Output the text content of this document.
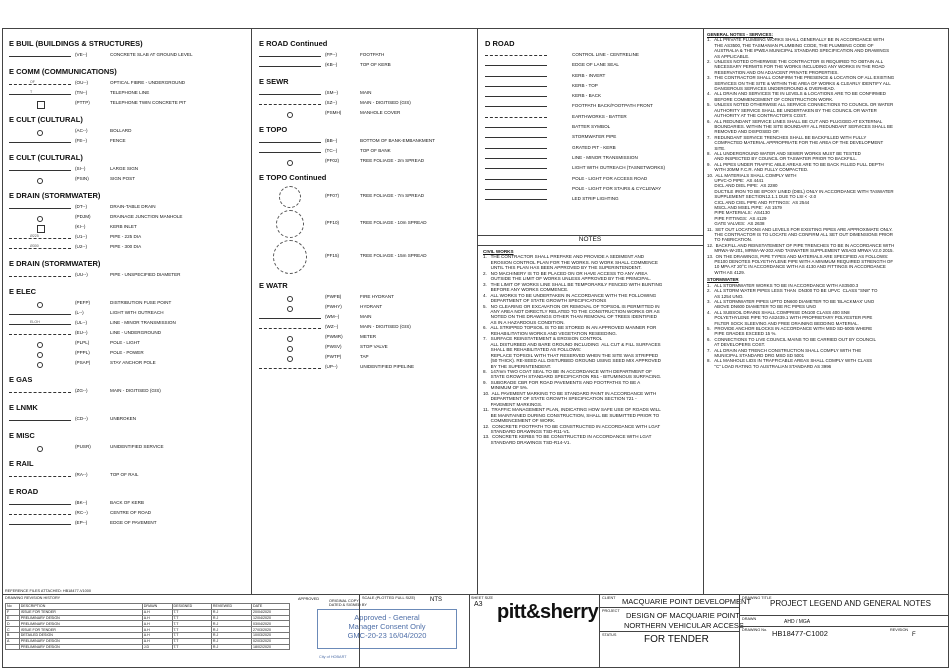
E BUIL (BUILDINGS & STRUCTURES)
(VE--)	CONCRETE SLAB AT GROUND LEVEL
E COMM (COMMUNICATIONS)
OF	(OU--)	OPTICAL FIBRE - UNDERGROUND
T	(TN--)	TELEPHONE LINE
(PTTP)	TELEPHONE TWIN CONCRETE PIT
E CULT (CULTURAL)
(AC--)	BOLLARD
(FE--)	FENCE
E CULT (CULTURAL)
(SI--)	LARGE SIGN
(PSIN)	SIGN POST
E DRAIN (STORMWATER)
(DT--)	DRAIN-TABLE DRAIN
(PDJM)	DRAINAGE JUNCTION MANHOLE
(KI--)	KERB INLET
Ø225	(U1--)	PIPE - 225 DIA
Ø300	(U2--)	PIPE - 300 DIA
E DRAIN (STORMWATER)
(UU--)	PIPE - UNSPECIFIED DIAMETER
E ELEC
(PEFP)	DISTRIBUTION FUSE POINT
(L--)	LIGHT WITH OUTREACH
ELOH	(UL--)	LINE - MINOR TRANSMISSION
(EU--)	LINE - UNDERGROUND
(PLPL)	POLE - LIGHT
(PPPL)	POLE - POWER
(PSAP)	STAY ANCHOR POLE
E GAS
(ZG--)	MAIN - DIGITISED (GIS)
E LNMK
(CD--)	UNBROKEN
E MISC
(PUSR)	UNIDENTIFIED SERVICE
E RAIL
(RA--)	TOP OF RAIL
E ROAD
(BK--)	BACK OF KERB
(RC--)	CENTRE OF ROAD
(EP--)	EDGE OF PAVEMENT
E ROAD Continued
(FP--)	FOOTPATH
(KB--)	TOP OF KERB
E SEWR
(SM--)	MAIN
(SZ--)	MAIN - DIGITISED (GIS)
(PSMH)	MANHOLE COVER
E TOPO
(BB--)	BOTTOM OF BANK-EMBANKMENT
(TC--)	TOP OF BANK
(PF02)	TREE FOLIAGE - 2m SPREAD
E TOPO Continued
(PF07)	TREE FOLIAGE - 7m SPREAD
(PF10)	TREE FOLIAGE - 10m SPREAD
(PF15)	TREE FOLIAGE - 15m SPREAD
E WATR
(PWFB)	FIRE HYDRANT
(PWHY)	HYDRANT
(WM--)	MAIN
(WZ--)	MAIN - DIGITISED (GIS)
(PWMR)	METER
(PWSV)	STOP VALVE
(PWTP)	TAP
(UP--)	UNIDENTIFIED PIPELINE
D ROAD
CONTROL LINE - CENTRELINE
EDGE OF LANE SEAL
KERB - INVERT
KERB - TOP
KERB - BACK
FOOTPATH BACK/FOOTPATH FRONT
EARTHWORKS - BATTER
BATTER SYMBOL
STORMWATER PIPE
GRATED PIT - KERB
LINE - MINOR TRANSMISSION
LIGHT WITH OUTREACH (TASNETWORKS)
POLE - LIGHT FOR ACCESS ROAD
POLE - LIGHT FOR STAIRS & CYCLEWAY
LED STRIP LIGHTING
NOTES
CIVIL WORKS
1.   THE CONTRACTOR SHALL PREPARE AND PROVIDE A SEDIMENT AND
EROSION CONTROL PLAN FOR THE WORKS. NO WORK SHALL COMMENCE
UNTIL THIS PLAN HAS BEEN APPROVED BY THE SUPERINTENDENT.
2.   NO MACHINERY IS TO BE PLACED ON OR HAVE ACCESS TO ANY AREA
OUTSIDE THE LIMIT OF WORKS UNLESS APPROVED BY THE PRINCIPAL.
3.   THE LIMIT OF WORKS LINE SHALL BE TEMPORARILY FENCED WITH BUNTING
BEFORE ANY WORKS COMMENCE.
4.   ALL WORKS TO BE UNDERTAKEN IN ACCORDANCE WITH THE FOLLOWING
DEPARTMENT OF STATE GROWTH SPECIFICATIONS
5.   NO CLEARING OR EXCAVATION OR REMOVAL OF TOPSOIL IS PERMITTED IN
ANY AREA NOT DIRECTLY RELATED TO THE CONSTRUCTION WORKS OR AS
NOTED ON THE DRAWINGS OTHER THAN REMOVAL OF TREES IDENTIFIED
AS IN A HAZARDOUS CONDITION.
6.   ALL STRIPPED TOPSOIL IS TO BE STORED IN AN APPROVED MANNER FOR
REHABILITATION WORKS AND VEGETATION RESEEDING.
7.   SURFACE REINSTATEMENT & EROSION CONTROL
ALL DISTURBED AND BARE GROUND INCLUDING  ALL CUT & FILL SURFACES
SHALL BE REHABILITATED AS FOLLOWS:
REPLACE TOPSOIL WITH THAT RESERVED WHEN THE SITE WAS STRIPPED
(50 THICK). RE-SEED ALL DISTURBED GROUND USING SEED MIX APPROVED
BY THE SUPERINTENDENT.
8.   147mm TWO COAT SEAL TO BE IN ACCORDANCE WITH DEPARTMENT OF
STATE GROWTH STANDARD SPECIFICATION R51 - BITUMINOUS SURFACING.
9.   SUBGRADE CBR FOR ROAD PAVEMENTS AND FOOTPATHS TO BE A
MINIMUM OF 5%.
10.  ALL PAVEMENT MARKING TO BE STANDARD PAINT IN ACCORDANCE WITH
DEPARTMENT OF STATE GROWTH SPECIFICATION SECTION 721 -
PAVEMENT MARKINGS.
11.  TRAFFIC MANAGEMENT PLAN, INDICATING HOW SAFE USE OF ROADS WILL
BE MAINTAINED DURING CONSTRUCTION, SHALL BE SUBMITTED PRIOR TO
COMMENCEMENT OF WORK.
12.  CONCRETE FOOTPATH TO BE CONSTRUCTED IN ACCORDANCE WITH LGAT
STANDARD DRAWINGS TSD-R11-V1.
13.  CONCRETE KERBS TO BE CONSTRUCTED IN ACCORDANCE WITH LGAT
STANDARD DRAWINGS TSD-R14-V1.
GENERAL NOTES - SERVICES:
1.   ALL PRIVATE PLUMBING WORKS SHALL GENERALLY BE IN ACCORDANCE WITH
THE AS3500, THE TASMANIAN PLUMBING CODE, THE PLUMBING CODE OF
AUSTRALIA & THE IPWEA MUNICIPAL STANDARD SPECIFICATION AND DRAWINGS
AS APPLICABLE.
2.   UNLESS NOTED OTHERWISE THE CONTRACTOR IS REQUIRED TO OBTAIN ALL
NECESSARY PERMITS FOR THE WORKS INCLUDING ANY WORKS IN THE ROAD
RESERVATION AND ON ADJACENT PRIVATE PROPERTIES.
3.   THE CONTRACTOR SHALL CONFIRM THE PRESENCE & LOCATION OF ALL EXISTING
SERVICES ON THE SITE & WITHIN THE AREA OF WORKS & CLEARLY IDENTIFY ALL
DANGEROUS SERVICES UNDERGROUND & OVERHEAD.
4.   ALL DRAIN AND SERVICES TIE IN LEVELS & LOCATIONS ARE TO BE CONFIRMED
BEFORE COMMENCEMENT OF CONSTRUCTION WORK.
5.   UNLESS NOTED OTHERWISE ALL SERVICE CONNECTIONS TO COUNCIL OR WATER
AUTHORITY SERVICE SHALL BE UNDERTAKEN BY THE COUNCIL OR WATER
AUTHORITY AT THE CONTRACTOR'S COST.
6.   ALL REDUNDANT SERVICE LINES SHALL BE CUT AND PLUGGED AT EXTERNAL
BOUNDARIES. WITHIN THE SITE BOUNDARY ALL REDUNDANT SERVICES SHALL BE
REMOVED AND DISPOSED OF.
7.   REDUNDANT SERVICE TRENCHES SHALL BE BACKFILLED WITH FULLY
COMPACTED MATERIAL APPROPRIATE FOR THE AREA OF THE DEVELOPMENT
SITE.
8.   ALL UNDERGROUND WATER AND SEWER WORKS MUST BE TESTED
AND INSPECTED BY COUNCIL OR TASWATER PRIOR TO BACKFILL.
9.   ALL PIPES UNDER TRAFFIC ABLE AREAS ARE TO BE BACK FILLED FULL DEPTH
WITH 20MM F.C.R. AND FULLY COMPACTED.
10.  ALL MATERIALS SHALL COMPLY WITH
UPVC-O PIPE:  AS 4441
DICL AND DIEL PIPE:  AS 2280
DUCTILE IRON TO BE EPOXY LINED (DIEL) ONLY IN ACCORDANCE WITH TASWATER
SUPPLEMENT SECTION12.1.1 DUE TO LSI < -2.0
CICL AND CIEL PIPE AND FITTINGS:  AS 2544
MSCL AND MSEL PIPE:  AS 1579
PIPE MATERIALS:  AS4130
PIPE FITTINGS:  AS 4129
GATE VALVES:  AS 2638
11.  SET OUT LOCATIONS AND LEVELS FOR EXISTING PIPES ARE APPROXIMATE ONLY.
THE CONTRACTOR IS TO LOCATE AND CONFIRM ALL SET OUT DIMENSIONS PRIOR
TO FABRICATION.
12.  BACKFILL AND REINSTATEMENT OF PIPE TRENCHES TO BE IN ACCORDANCE WITH
MRWA-W-201, MRWA-W-202 AND TASWATER SUPPLEMENT WSA03 MRWA V2.0 2015.
13.  ON THE DRAWINGS, PIPE TYPES AND MATERIALS ARE SPECIFIED AS FOLLOWS:
PE100 DENOTES POLYETHYLENE PIPE WITH A MINIMUM REQUIRED STRENGTH OF
10 MPA AT 20°C IN ACCORDANCE WITH AS 4130 AND FITTINGS IN ACCORDANCE
WITH AS 4129.
STORMWATER
1.   ALL STORMWATER WORKS TO BE IN ACCORDANCE WITH AS3500.3
2.   ALL STORM WATER PIPES LESS THAN  DN300 TO BE UPVC  CLASS "SN8" TO
AS 1254 UNO.
3.   ALL STORMWATER PIPES UPTO DN600 DIAMETER TO BE 'BLACKMAX' UNO
ABOVE DN600 DIAMETER TO BE RC PIPES UNO
4.   ALL SUBSOIL DRAINS SHALL COMPRISE DN100 CLASS 400 SN8
POLYETHYLENE PIPE TO AS2439.1 WITH PROPRIETARY POLYESTER PIPE
FILTER SOCK SLEEVING AND FREE DRAINING BEDDING MATERIAL.
5.   PROVIDE ANCHOR BLOCKS IN ACCORDANCE WITH MSD SD-5005 WHERE
PIPE GRADES EXCEED 15 %.
6.   CONNECTIONS TO LIVE COUNCIL MAINS TO BE CARRIED OUT BY COUNCIL
AT DEVELOPERS COST.
7.   ALL DRAIN AND TRENCH CONSTRUCTION SHALL COMPLY WITH THE
MUNICIPAL STANDARD DRG MSD SD 5001
8.   ALL MANHOLE LIDS IN TRAFFICABLE AREAS SHALL COMPLY WITH CLASS
"C" LOAD RATING TO AUSTRALIAN STANDARD AS 3996
REFERENCE FILES ATTACHED: HB18477-V1000
DRAWING REVISION HISTORY
No	DESCRIPTION	DRAWN	DESIGNED	REVIEWED	DATE
F	ISSUE FOR TENDER	A.H	T.T	R.J	20/04/2020
E	PRELIMINARY DESIGN	A.H	T.T	R.J	12/04/2020
D	PRELIMINARY DESIGN	A.H	T.T	R.J	03/04/2020
C	ISSUE FOR TENDER	A.H	T.T	R.J	27/03/2020
B	DETAILED DESIGN	A.H	T.T	R.J	10/03/2020
A	PRELIMINARY DESIGN	A.H	T.T	R.J	02/03/2020
	PRELIMINARY DESIGN	J.D	T.T	R.J	18/02/2020
APPROVED	ORIGINAL COPY DATED & SIGNED BY
Approved - General
Manager Consent Only
GMC-20-23 16/04/2020
City of HOBART
SCALE (PLOTTED FULL SIZE) NTS	SHEET SIZE
A3 pitt&sherry
CLIENT MACQUARIE POINT DEVELOPMENT
PROJECT DESIGN OF MACQUARIE POINT
NORTHERN VEHICULAR ACCESS
STATUS	FOR TENDER
DRAWING TITLE
PROJECT LEGEND AND GENERAL NOTES
DRAWN	AHD / MGA
DRAWING No. HB18477-C1002	REVISION
F
